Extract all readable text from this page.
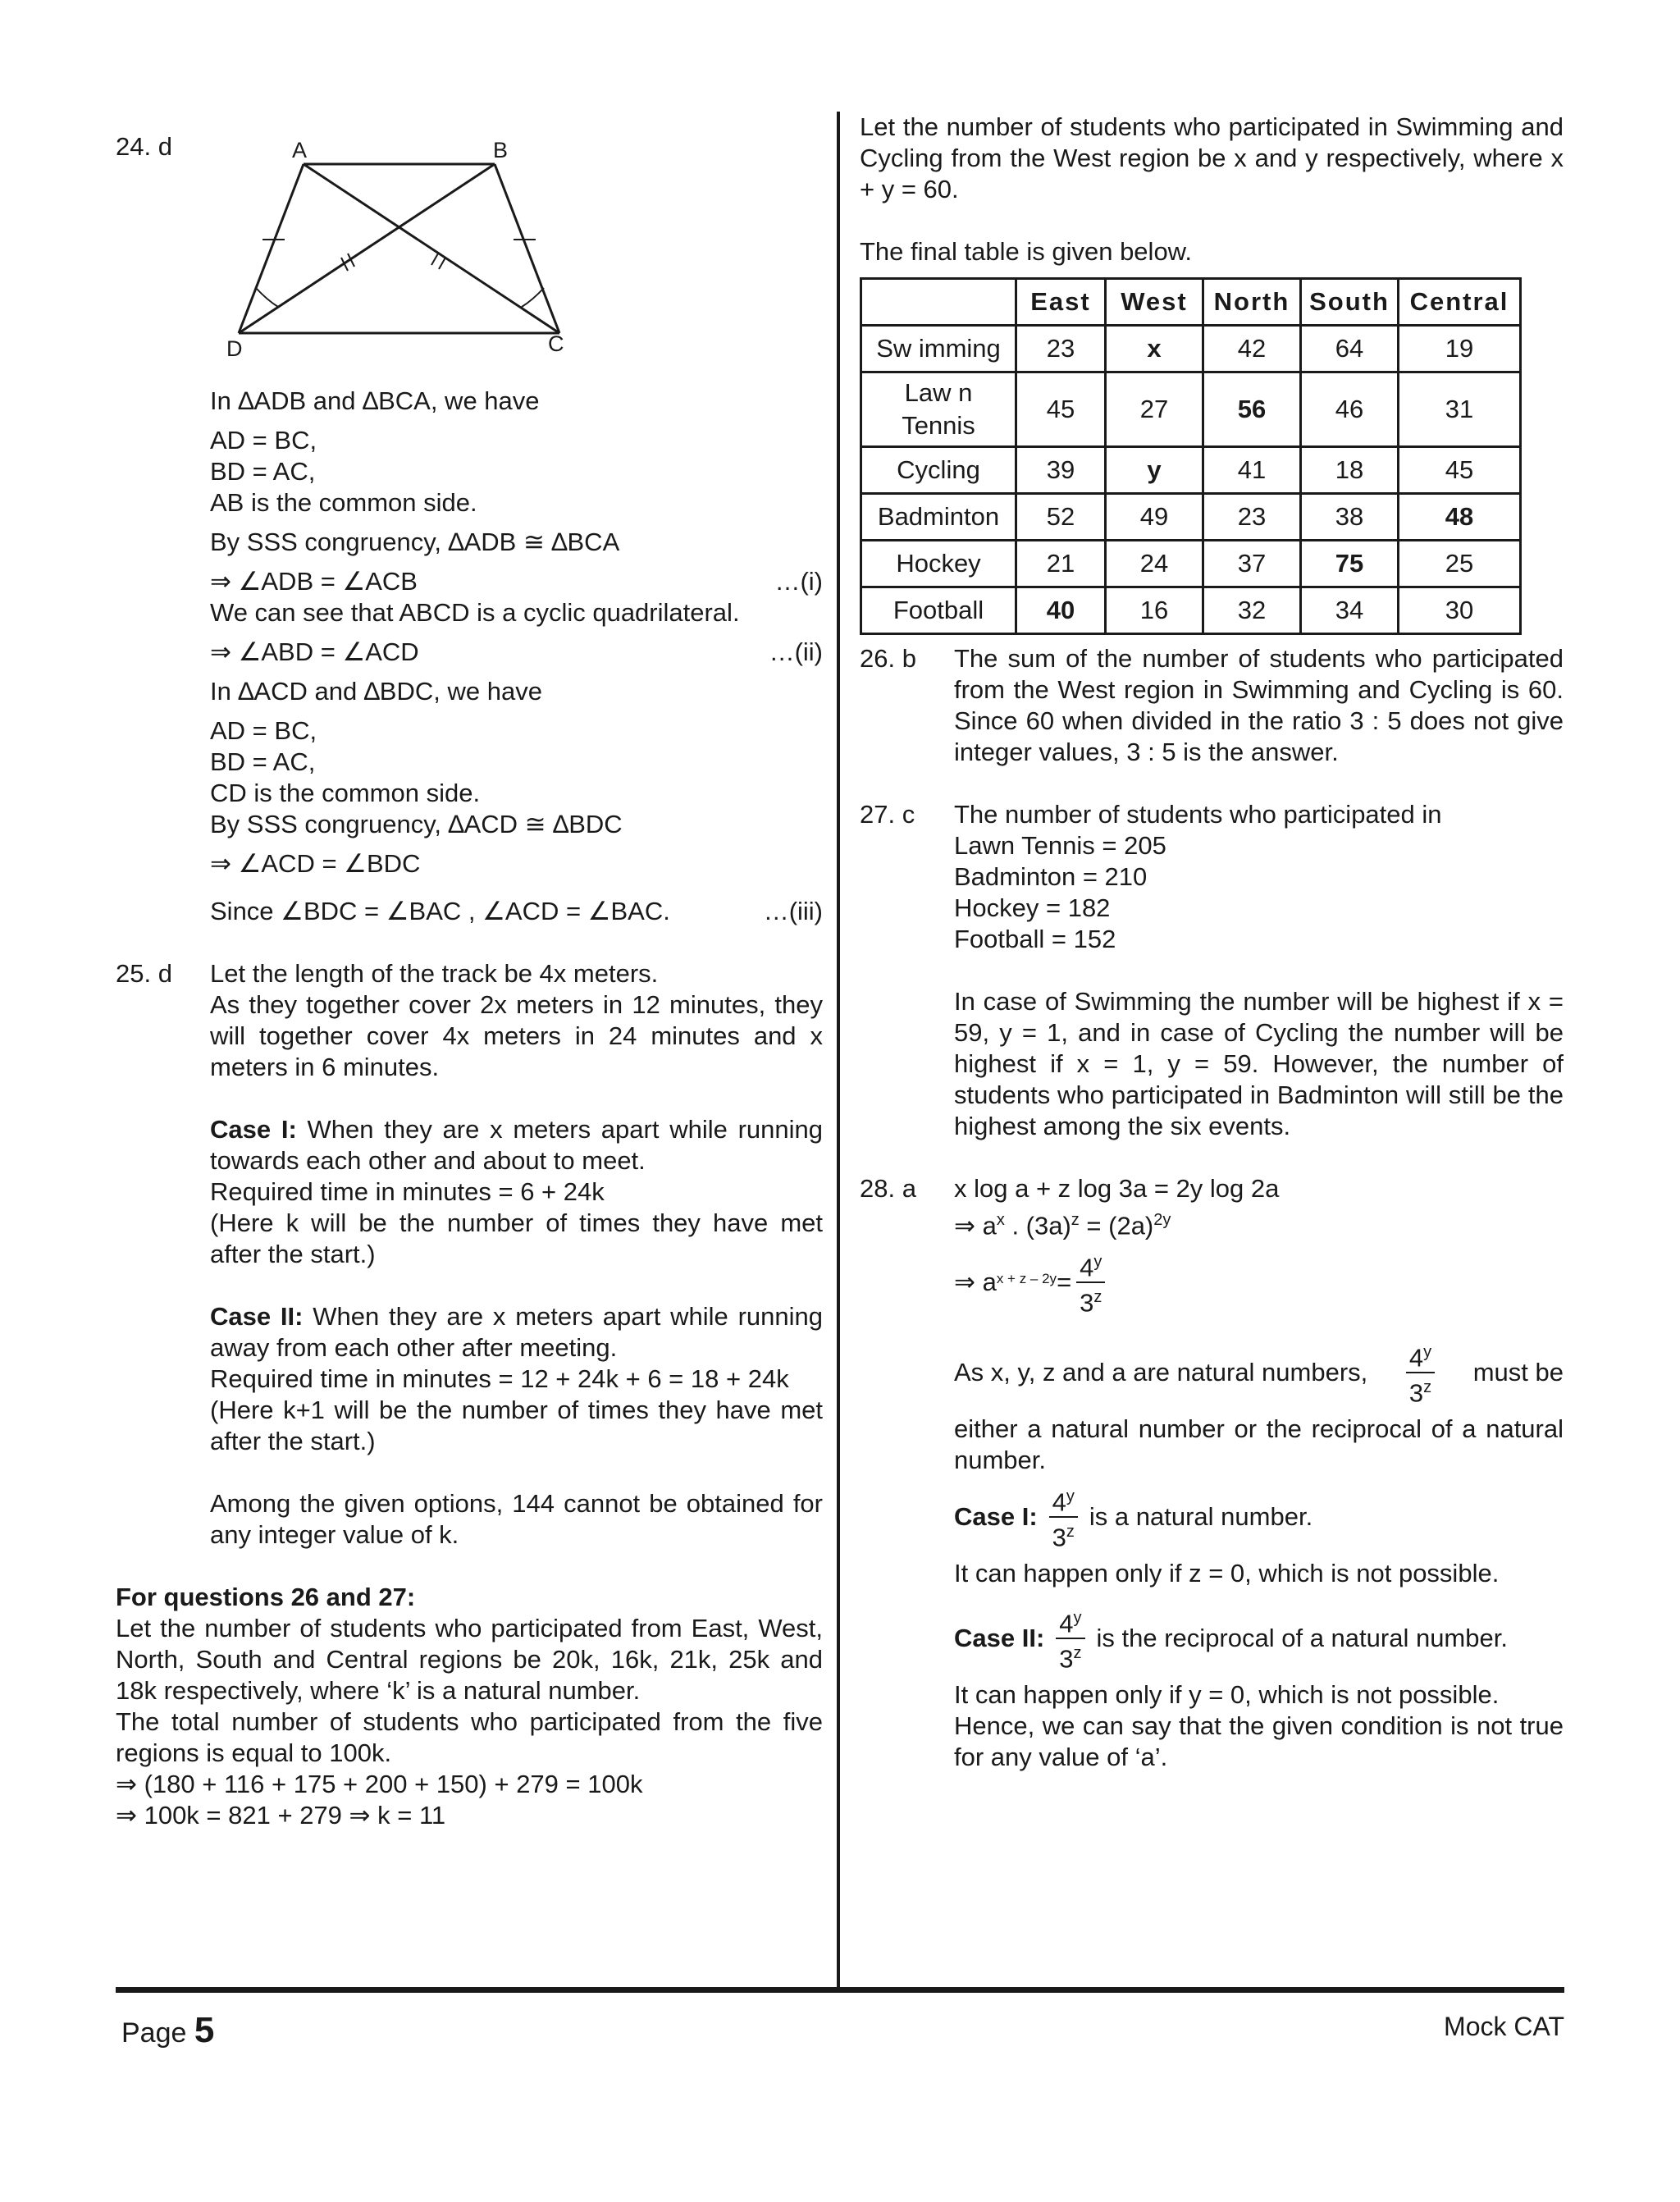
24. d	A	B
C
D
In ∆ADB and ∆BCA, we have
AD = BC,
BD = AC,
AB is the common side.
By SSS congruency, ∆ADB ≅ ∆BCA
⇒ ∠ADB = ∠ACB	…(i)
We can see that ABCD is a cyclic quadrilateral.
⇒ ∠ABD = ∠ACD	…(ii)
In ∆ACD and ∆BDC, we have
AD = BC,
BD = AC,
CD is the common side.
By SSS congruency, ∆ACD ≅ ∆BDC
⇒ ∠ACD = ∠BDC
Since ∠BDC = ∠BAC , ∠ACD = ∠BAC.	…(iii)
25. d Let the length of the track be 4x meters.
As they together cover 2x meters in 12 minutes, they will together cover 4x meters in 24 minutes and x meters in 6 minutes.
Case I: When they are x meters apart while running towards each other and about to meet.
Required time in minutes = 6 + 24k
(Here k will be the number of times they have met after the start.)
Case II: When they are x meters apart while running away from each other after meeting.
Required time in minutes = 12 + 24k + 6 = 18 + 24k
(Here k+1 will be the number of times they have met after the start.)
Among the given options, 144 cannot be obtained for any integer value of k.
For questions 26 and 27:
Let the number of students who participated from East, West, North, South and Central regions be 20k, 16k, 21k, 25k and 18k respectively, where ‘k’ is a natural number.
The total number of students who participated from the five regions is equal to 100k.
⇒ (180 + 116 + 175 + 200 + 150) + 279 = 100k
⇒ 100k = 821 + 279 ⇒ k = 11
Let the number of students who participated in Swimming and Cycling from the West region be x and y respectively, where x + y = 60.
The final table is given below.
	East	West	North	South	Central
Sw imming	23	x	42	64	19
Law n Tennis	45	27	56	46	31
Cycling	39	y	41	18	45
Badminton	52	49	23	38	48
Hockey	21	24	37	75	25
Football	40	16	32	34	30
26. b The sum of the number of students who participated from the West region in Swimming and Cycling is 60. Since 60 when divided in the ratio 3 : 5 does not give integer values, 3 : 5 is the answer.
27. c The number of students who participated in
Lawn Tennis = 205
Badminton = 210
Hockey = 182
Football = 152
In case of Swimming the number will be highest if x = 59, y = 1, and in case of Cycling the number will be highest if x = 1, y = 59. However, the number of students who participated in Badminton will still be the highest among the six events.
28. a x log a + z log 3a = 2y log 2a
⇒ $a^x$ . $(3a)^z = (2a)^{2y}$
⇒ $a^{x + z - 2y} = \frac{4^y}{3^z}$
As x, y, z and a are natural numbers, $\frac{4^y}{3^z}$ must be
either a natural number or the reciprocal of a natural number.
Case I: $\frac{4^y}{3^z}$ is a natural number.
It can happen only if z = 0, which is not possible.
Case II: $\frac{4^y}{3^z}$ is the reciprocal of a natural number.
It can happen only if y = 0, which is not possible.
Hence, we can say that the given condition is not true for any value of ‘a’.
Page 5	Mock CAT
